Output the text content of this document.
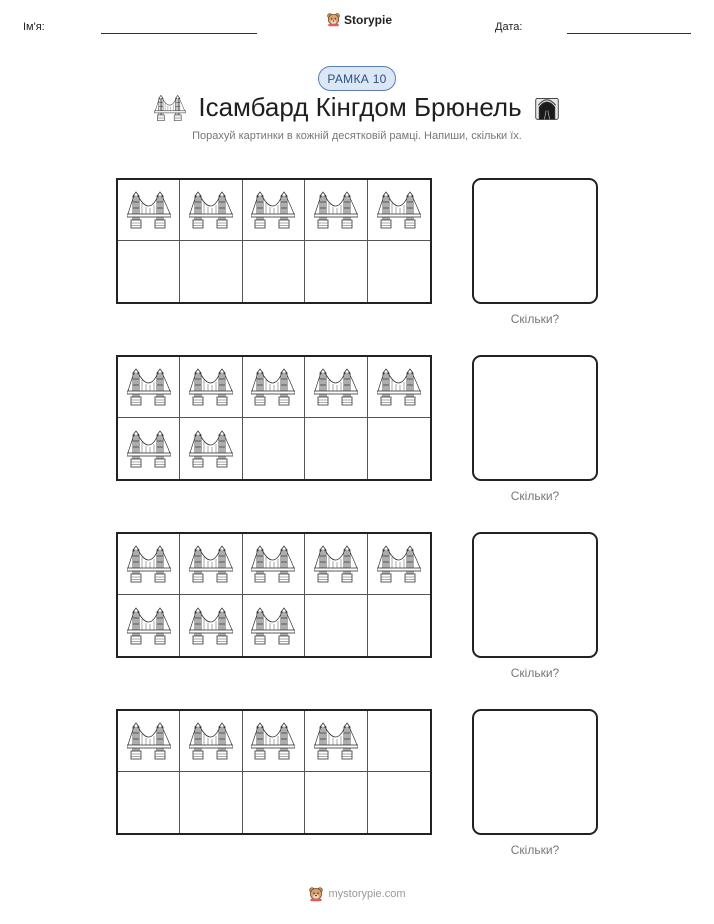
Ім'я:
Storypie
Дата:
РАМКА 10
Ісамбард Кінгдом Брюнель
Порахуй картинки в кожній десятковій рамці. Напиши, скільки їх.
Скільки?
Скільки?
Скільки?
Скільки?
mystorypie.com
